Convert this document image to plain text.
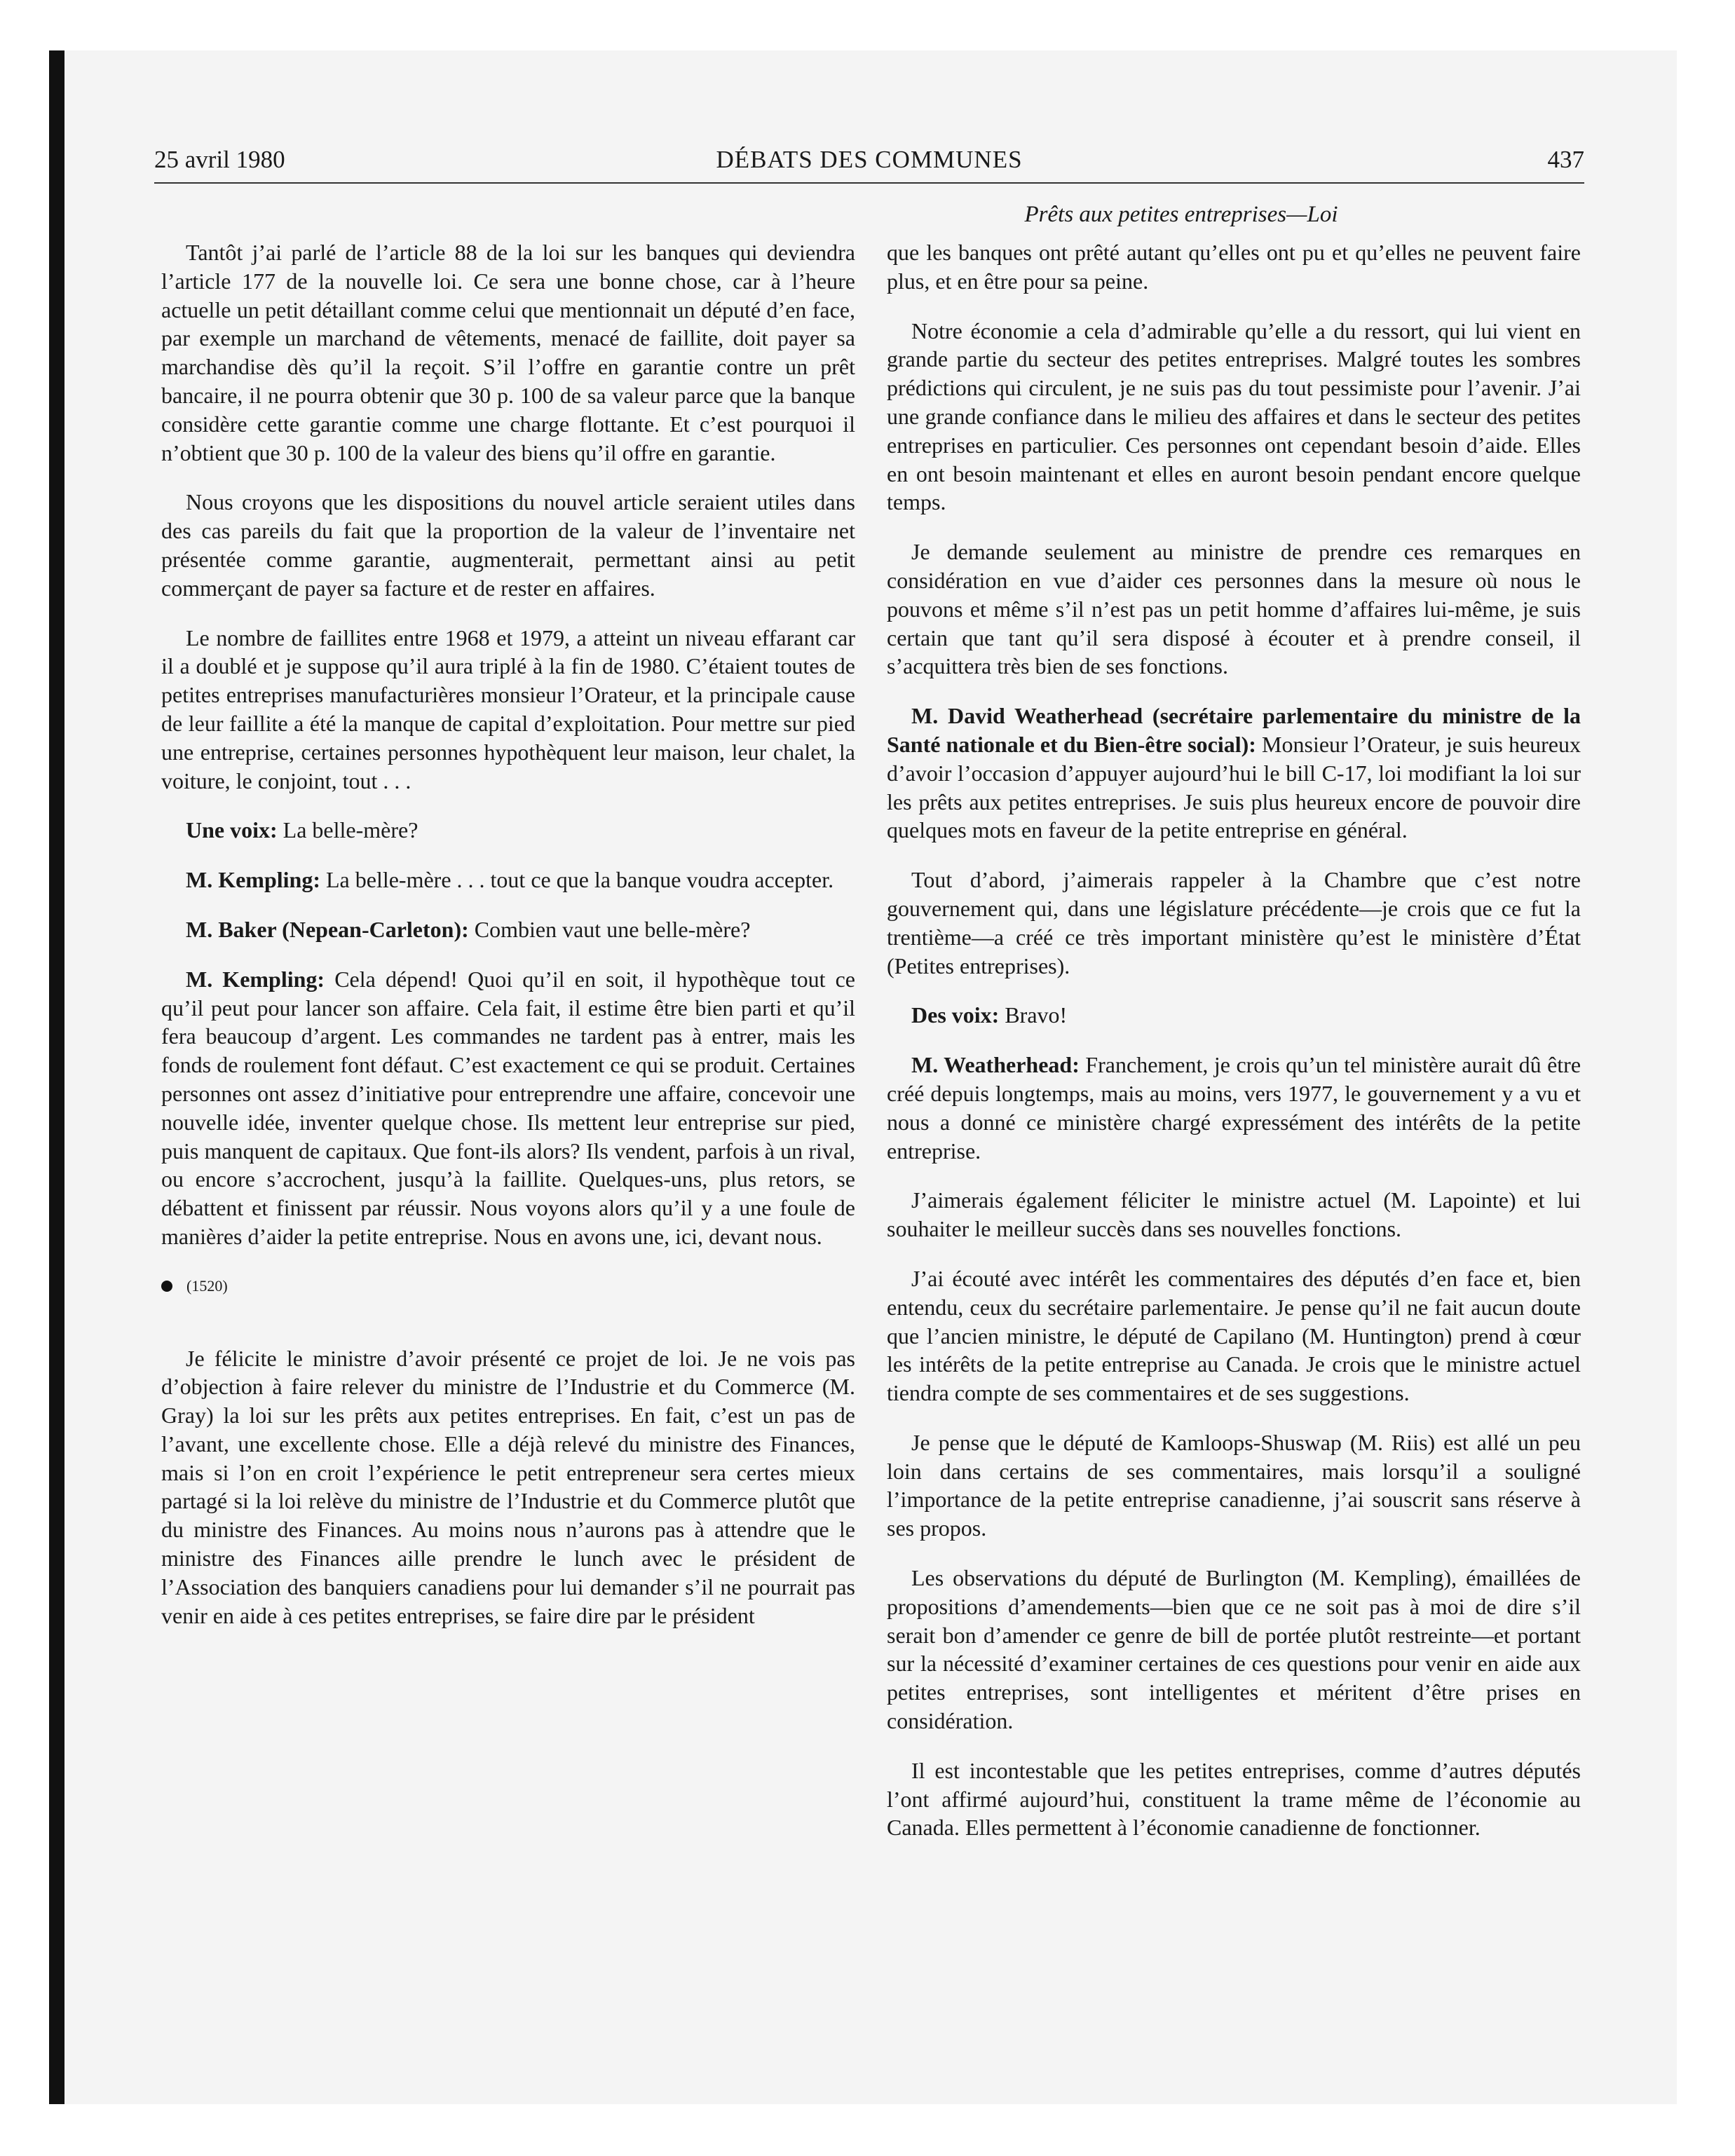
25 avril 1980	DÉBATS DES COMMUNES	437
Prêts aux petites entreprises—Loi

Tantôt j’ai parlé de l’article 88 de la loi sur les banques qui deviendra l’article 177 de la nouvelle loi. Ce sera une bonne chose, car à l’heure actuelle un petit détaillant comme celui que mentionnait un député d’en face, par exemple un marchand de vêtements, menacé de faillite, doit payer sa marchandise dès qu’il la reçoit. S’il l’offre en garantie contre un prêt bancaire, il ne pourra obtenir que 30 p. 100 de sa valeur parce que la banque considère cette garantie comme une charge flottante. Et c’est pourquoi il n’obtient que 30 p. 100 de la valeur des biens qu’il offre en garantie.

Nous croyons que les dispositions du nouvel article seraient utiles dans des cas pareils du fait que la proportion de la valeur de l’inventaire net présentée comme garantie, augmenterait, permettant ainsi au petit commerçant de payer sa facture et de rester en affaires.

Le nombre de faillites entre 1968 et 1979, a atteint un niveau effarant car il a doublé et je suppose qu’il aura triplé à la fin de 1980. C’étaient toutes de petites entreprises manufacturières monsieur l’Orateur, et la principale cause de leur faillite a été la manque de capital d’exploitation. Pour mettre sur pied une entreprise, certaines personnes hypothèquent leur maison, leur chalet, la voiture, le conjoint, tout . . .

Une voix: La belle-mère?

M. Kempling: La belle-mère . . . tout ce que la banque voudra accepter.

M. Baker (Nepean-Carleton): Combien vaut une belle-mère?

M. Kempling: Cela dépend! Quoi qu’il en soit, il hypothèque tout ce qu’il peut pour lancer son affaire. Cela fait, il estime être bien parti et qu’il fera beaucoup d’argent. Les commandes ne tardent pas à entrer, mais les fonds de roulement font défaut. C’est exactement ce qui se produit. Certaines personnes ont assez d’initiative pour entreprendre une affaire, concevoir une nouvelle idée, inventer quelque chose. Ils mettent leur entreprise sur pied, puis manquent de capitaux. Que font-ils alors? Ils vendent, parfois à un rival, ou encore s’accrochent, jusqu’à la faillite. Quelques-uns, plus retors, se débattent et finissent par réussir. Nous voyons alors qu’il y a une foule de manières d’aider la petite entreprise. Nous en avons une, ici, devant nous.

(1520)

Je félicite le ministre d’avoir présenté ce projet de loi. Je ne vois pas d’objection à faire relever du ministre de l’Industrie et du Commerce (M. Gray) la loi sur les prêts aux petites entreprises. En fait, c’est un pas de l’avant, une excellente chose. Elle a déjà relevé du ministre des Finances, mais si l’on en croit l’expérience le petit entrepreneur sera certes mieux partagé si la loi relève du ministre de l’Industrie et du Commerce plutôt que du ministre des Finances. Au moins nous n’aurons pas à attendre que le ministre des Finances aille prendre le lunch avec le président de l’Association des banquiers canadiens pour lui demander s’il ne pourrait pas venir en aide à ces petites entreprises, se faire dire par le président

que les banques ont prêté autant qu’elles ont pu et qu’elles ne peuvent faire plus, et en être pour sa peine.

Notre économie a cela d’admirable qu’elle a du ressort, qui lui vient en grande partie du secteur des petites entreprises. Malgré toutes les sombres prédictions qui circulent, je ne suis pas du tout pessimiste pour l’avenir. J’ai une grande confiance dans le milieu des affaires et dans le secteur des petites entreprises en particulier. Ces personnes ont cependant besoin d’aide. Elles en ont besoin maintenant et elles en auront besoin pendant encore quelque temps.

Je demande seulement au ministre de prendre ces remarques en considération en vue d’aider ces personnes dans la mesure où nous le pouvons et même s’il n’est pas un petit homme d’affaires lui-même, je suis certain que tant qu’il sera disposé à écouter et à prendre conseil, il s’acquittera très bien de ses fonctions.

M. David Weatherhead (secrétaire parlementaire du ministre de la Santé nationale et du Bien-être social): Monsieur l’Orateur, je suis heureux d’avoir l’occasion d’appuyer aujourd’hui le bill C-17, loi modifiant la loi sur les prêts aux petites entreprises. Je suis plus heureux encore de pouvoir dire quelques mots en faveur de la petite entreprise en général.

Tout d’abord, j’aimerais rappeler à la Chambre que c’est notre gouvernement qui, dans une législature précédente—je crois que ce fut la trentième—a créé ce très important ministère qu’est le ministère d’État (Petites entreprises).

Des voix: Bravo!

M. Weatherhead: Franchement, je crois qu’un tel ministère aurait dû être créé depuis longtemps, mais au moins, vers 1977, le gouvernement y a vu et nous a donné ce ministère chargé expressément des intérêts de la petite entreprise.

J’aimerais également féliciter le ministre actuel (M. Lapointe) et lui souhaiter le meilleur succès dans ses nouvelles fonctions.

J’ai écouté avec intérêt les commentaires des députés d’en face et, bien entendu, ceux du secrétaire parlementaire. Je pense qu’il ne fait aucun doute que l’ancien ministre, le député de Capilano (M. Huntington) prend à cœur les intérêts de la petite entreprise au Canada. Je crois que le ministre actuel tiendra compte de ses commentaires et de ses suggestions.

Je pense que le député de Kamloops-Shuswap (M. Riis) est allé un peu loin dans certains de ses commentaires, mais lorsqu’il a souligné l’importance de la petite entreprise canadienne, j’ai souscrit sans réserve à ses propos.

Les observations du député de Burlington (M. Kempling), émaillées de propositions d’amendements—bien que ce ne soit pas à moi de dire s’il serait bon d’amender ce genre de bill de portée plutôt restreinte—et portant sur la nécessité d’examiner certaines de ces questions pour venir en aide aux petites entreprises, sont intelligentes et méritent d’être prises en considération.

Il est incontestable que les petites entreprises, comme d’autres députés l’ont affirmé aujourd’hui, constituent la trame même de l’économie au Canada. Elles permettent à l’économie canadienne de fonctionner.
